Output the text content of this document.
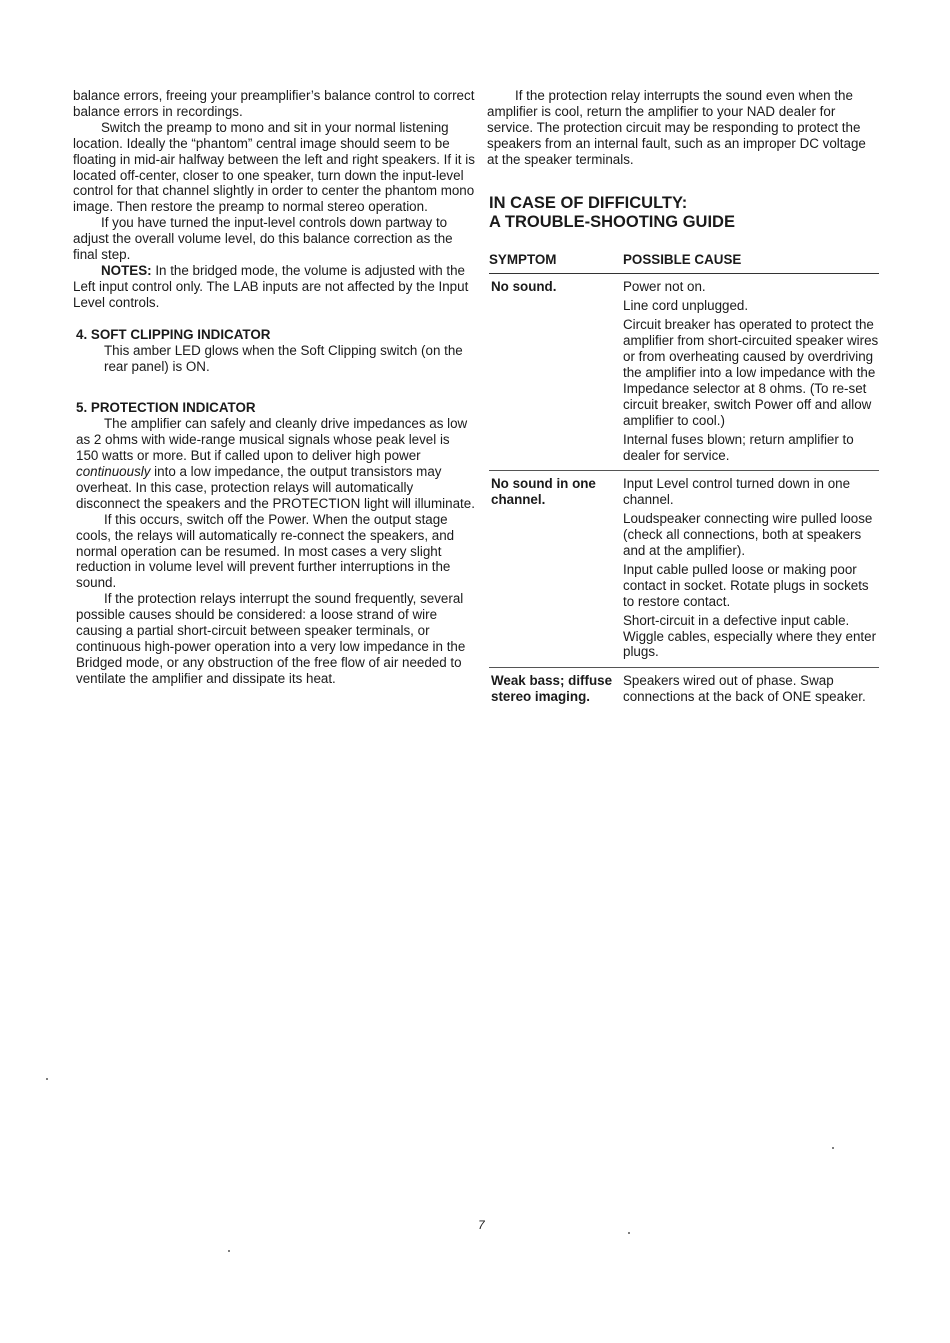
balance errors, freeing your preamplifier’s balance control to correct balance errors in recordings.

Switch the preamp to mono and sit in your normal listening location. Ideally the “phantom” central image should seem to be floating in mid-air halfway between the left and right speakers. If it is located off-center, closer to one speaker, turn down the input-level control for that channel slightly in order to center the phantom mono image. Then restore the preamp to normal stereo operation.

If you have turned the input-level controls down partway to adjust the overall volume level, do this balance correction as the final step.

NOTES: In the bridged mode, the volume is adjusted with the Left input control only. The LAB inputs are not affected by the Input Level controls.

4. SOFT CLIPPING INDICATOR

This amber LED glows when the Soft Clipping switch (on the rear panel) is ON.

5. PROTECTION INDICATOR

The amplifier can safely and cleanly drive impedances as low as 2 ohms with wide-range musical signals whose peak level is 150 watts or more. But if called upon to deliver high power continuously into a low impedance, the output transistors may overheat. In this case, protection relays will automatically disconnect the speakers and the PROTECTION light will illuminate.

If this occurs, switch off the Power. When the output stage cools, the relays will automatically re-connect the speakers, and normal operation can be resumed. In most cases a very slight reduction in volume level will prevent further interruptions in the sound.

If the protection relays interrupt the sound frequently, several possible causes should be considered: a loose strand of wire causing a partial short-circuit between speaker terminals, or continuous high-power operation into a very low impedance in the Bridged mode, or any obstruction of the free flow of air needed to ventilate the amplifier and dissipate its heat.

If the protection relay interrupts the sound even when the amplifier is cool, return the amplifier to your NAD dealer for service. The protection circuit may be responding to protect the speakers from an internal fault, such as an improper DC voltage at the speaker terminals.

IN CASE OF DIFFICULTY:
A TROUBLE-SHOOTING GUIDE
SYMPTOM	POSSIBLE CAUSE
No sound.	Power not on.

Line cord unplugged.

Circuit breaker has operated to protect the amplifier from short-circuited speaker wires or from overheating caused by overdriving the amplifier into a low impedance with the Impedance selector at 8 ohms. (To re-set circuit breaker, switch Power off and allow amplifier to cool.)

Internal fuses blown; return amplifier to dealer for service.

No sound in one channel.	Input Level control turned down in one channel.

Loudspeaker connecting wire pulled loose (check all connections, both at speakers and at the amplifier).

Input cable pulled loose or making poor contact in socket. Rotate plugs in sockets to restore contact.

Short-circuit in a defective input cable. Wiggle cables, especially where they enter plugs.

Weak bass; diffuse stereo imaging.	Speakers wired out of phase. Swap connections at the back of ONE speaker.

7
